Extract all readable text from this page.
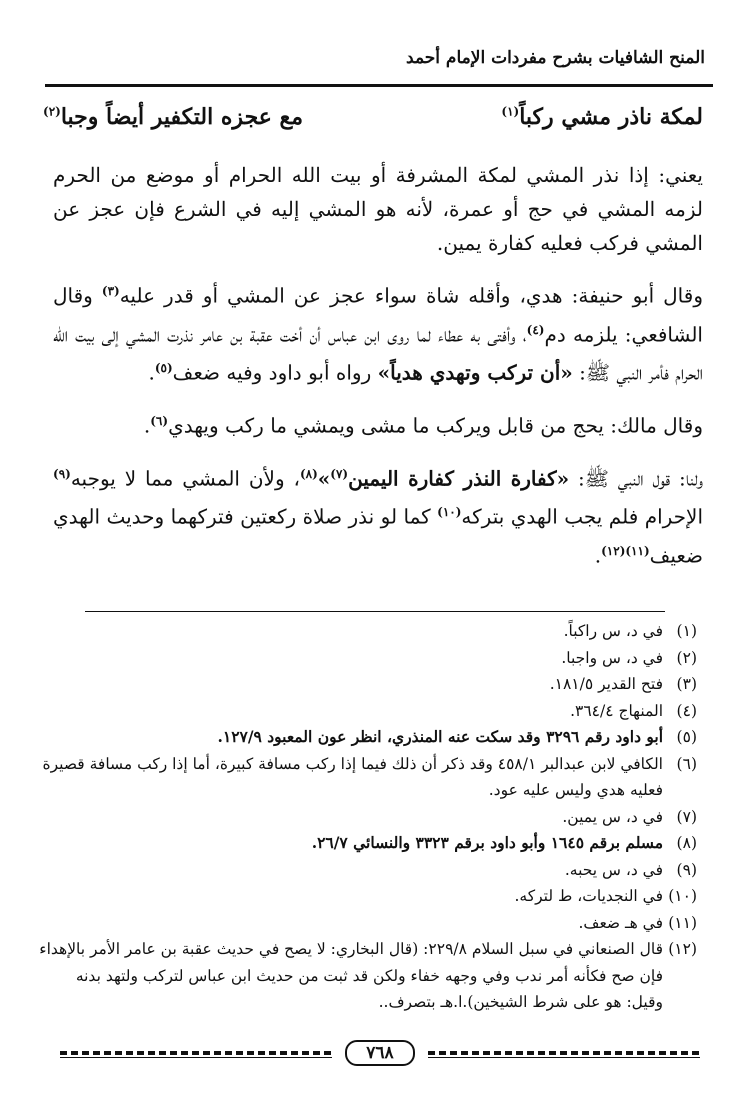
المنح الشافيات بشرح مفردات الإمام أحمد
لمكة ناذر مشي ركباً$^{(١)}$
مع عجزه التكفير أيضاً وجبا$^{(٢)}$

يعني: إذا نذر المشي لمكة المشرفة أو بيت الله الحرام أو موضع من الحرم لزمه المشي في حج أو عمرة، لأنه هو المشي إليه في الشرع فإن عجز عن المشي فركب فعليه كفارة يمين.

وقال أبو حنيفة: هدي، وأقله شاة سواء عجز عن المشي أو قدر عليه$^{(٣)}$ وقال الشافعي: يلزمه دم$^{(٤)}$، وأفتى به عطاء لما روى ابن عباس أن أخت عقبة بن عامر نذرت المشي إلى بيت الله الحرام فأمر النبي ﷺ: «أن تركب وتهدي هدياً» رواه أبو داود وفيه ضعف$^{(٥)}$.

وقال مالك: يحج من قابل ويركب ما مشى ويمشي ما ركب ويهدي$^{(٦)}$.

ولنا: قول النبي ﷺ: «كفارة النذر كفارة اليمين$^{(٧)}$»$^{(٨)}$، ولأن المشي مما لا يوجبه$^{(٩)}$ الإحرام فلم يجب الهدي بتركه$^{(١٠)}$ كما لو نذر صلاة ركعتين فتركهما وحديث الهدي ضعيف$^{(١١)(١٢)}$.

(١)
في د، س راكباً.
(٢)
في د، س واجبا.
(٣)
فتح القدير ١٨١/٥.
(٤)
المنهاج ٣٦٤/٤.
(٥)
أبو داود رقم ٣٢٩٦ وقد سكت عنه المنذري، انظر عون المعبود ١٢٧/٩.
(٦)
الكافي لابن عبدالبر ٤٥٨/١ وقد ذكر أن ذلك فيما إذا ركب مسافة كبيرة، أما إذا ركب مسافة قصيرة فعليه هدي وليس عليه عود.
(٧)
في د، س يمين.
(٨)
مسلم برقم ١٦٤٥ وأبو داود برقم ٣٣٢٣ والنسائي ٢٦/٧.
(٩)
في د، س يحبه.
(١٠)
في النجديات، ط لتركه.
(١١)
في هـ ضعف.
(١٢)
قال الصنعاني في سبل السلام ٢٢٩/٨: (قال البخاري: لا يصح في حديث عقبة بن عامر الأمر بالإهداء فإن صح فكأنه أمر ندب وفي وجهه خفاء ولكن قد ثبت من حديث ابن عباس لتركب ولتهد بدنه وقيل: هو على شرط الشيخين).ا.هـ بتصرف..
٧٦٨
